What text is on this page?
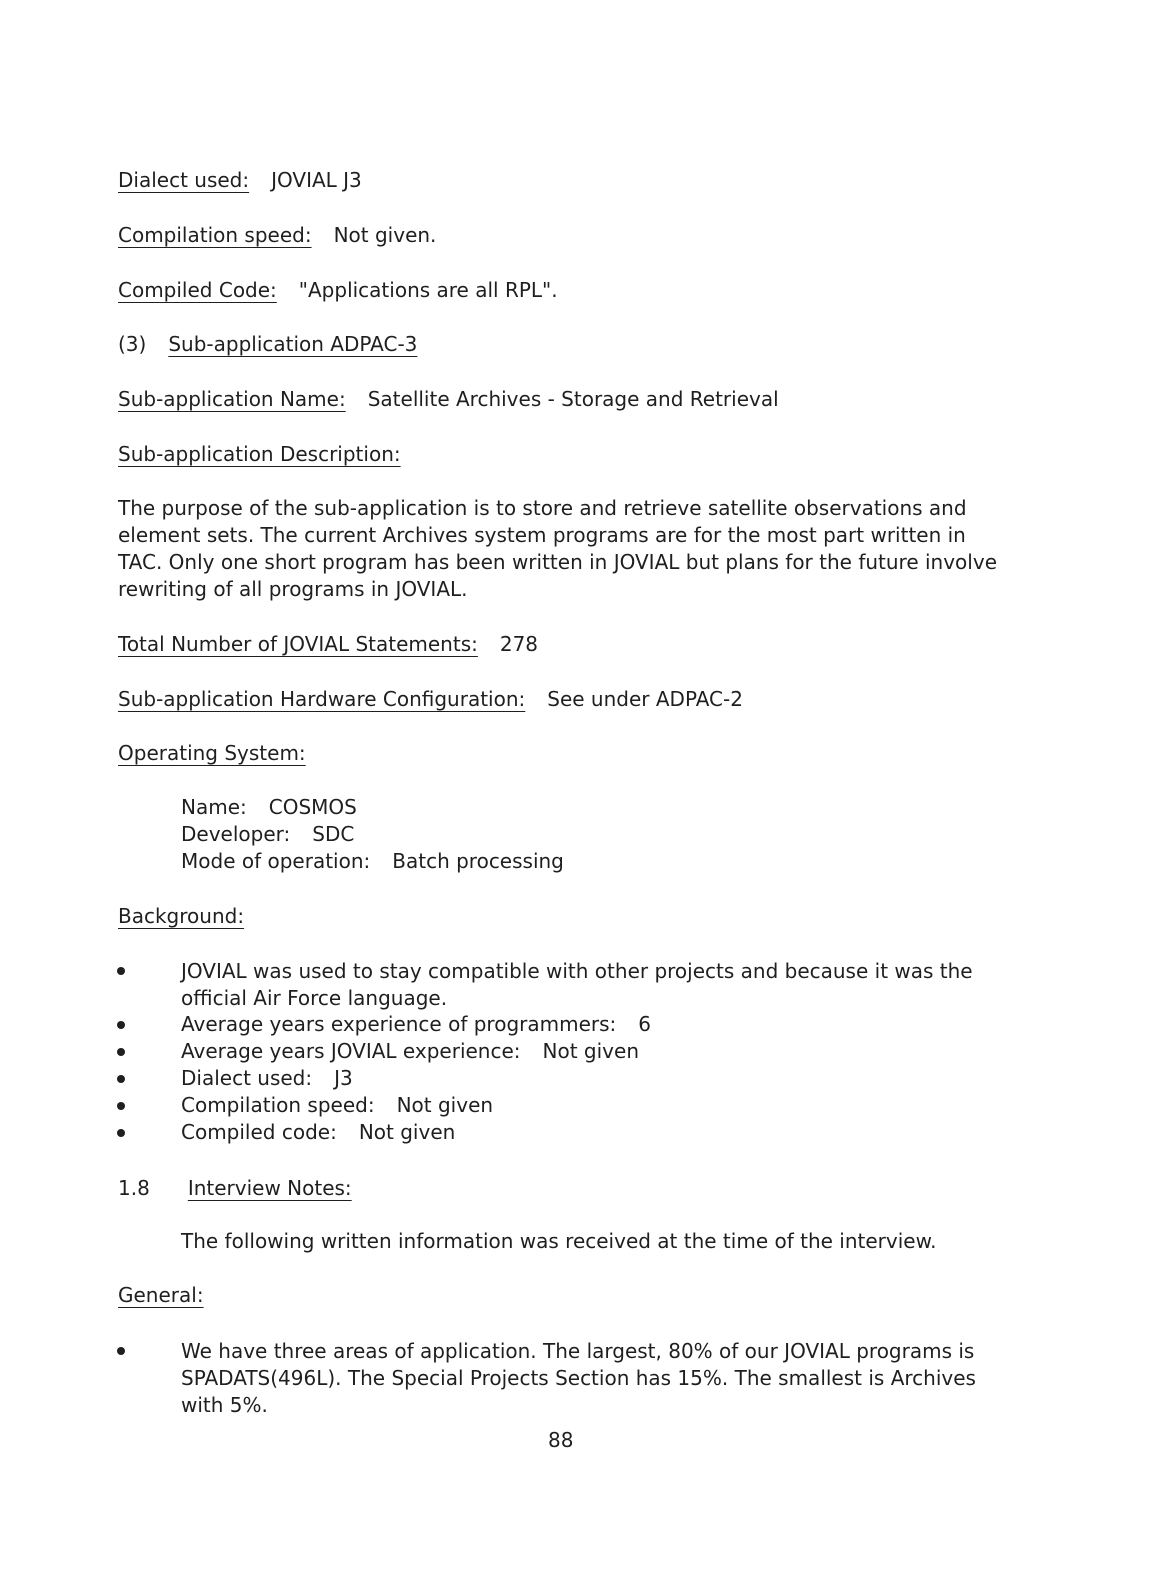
Dialect used: JOVIAL J3
Compilation speed: Not given.
Compiled Code: "Applications are all RPL".
(3) Sub-application ADPAC-3
Sub-application Name: Satellite Archives - Storage and Retrieval
Sub-application Description:
The purpose of the sub-application is to store and retrieve satellite observations and element sets. The current Archives system programs are for the most part written in TAC. Only one short program has been written in JOVIAL but plans for the future involve rewriting of all programs in JOVIAL.
Total Number of JOVIAL Statements: 278
Sub-application Hardware Configuration: See under ADPAC-2
Operating System:
Name: COSMOS
Developer: SDC
Mode of operation: Batch processing
Background:
JOVIAL was used to stay compatible with other projects and because it was the official Air Force language.
Average years experience of programmers: 6
Average years JOVIAL experience: Not given
Dialect used: J3
Compilation speed: Not given
Compiled code: Not given
1.8 Interview Notes:
The following written information was received at the time of the interview.
General:
We have three areas of application. The largest, 80% of our JOVIAL programs is SPADATS(496L). The Special Projects Section has 15%. The smallest is Archives with 5%.
88
